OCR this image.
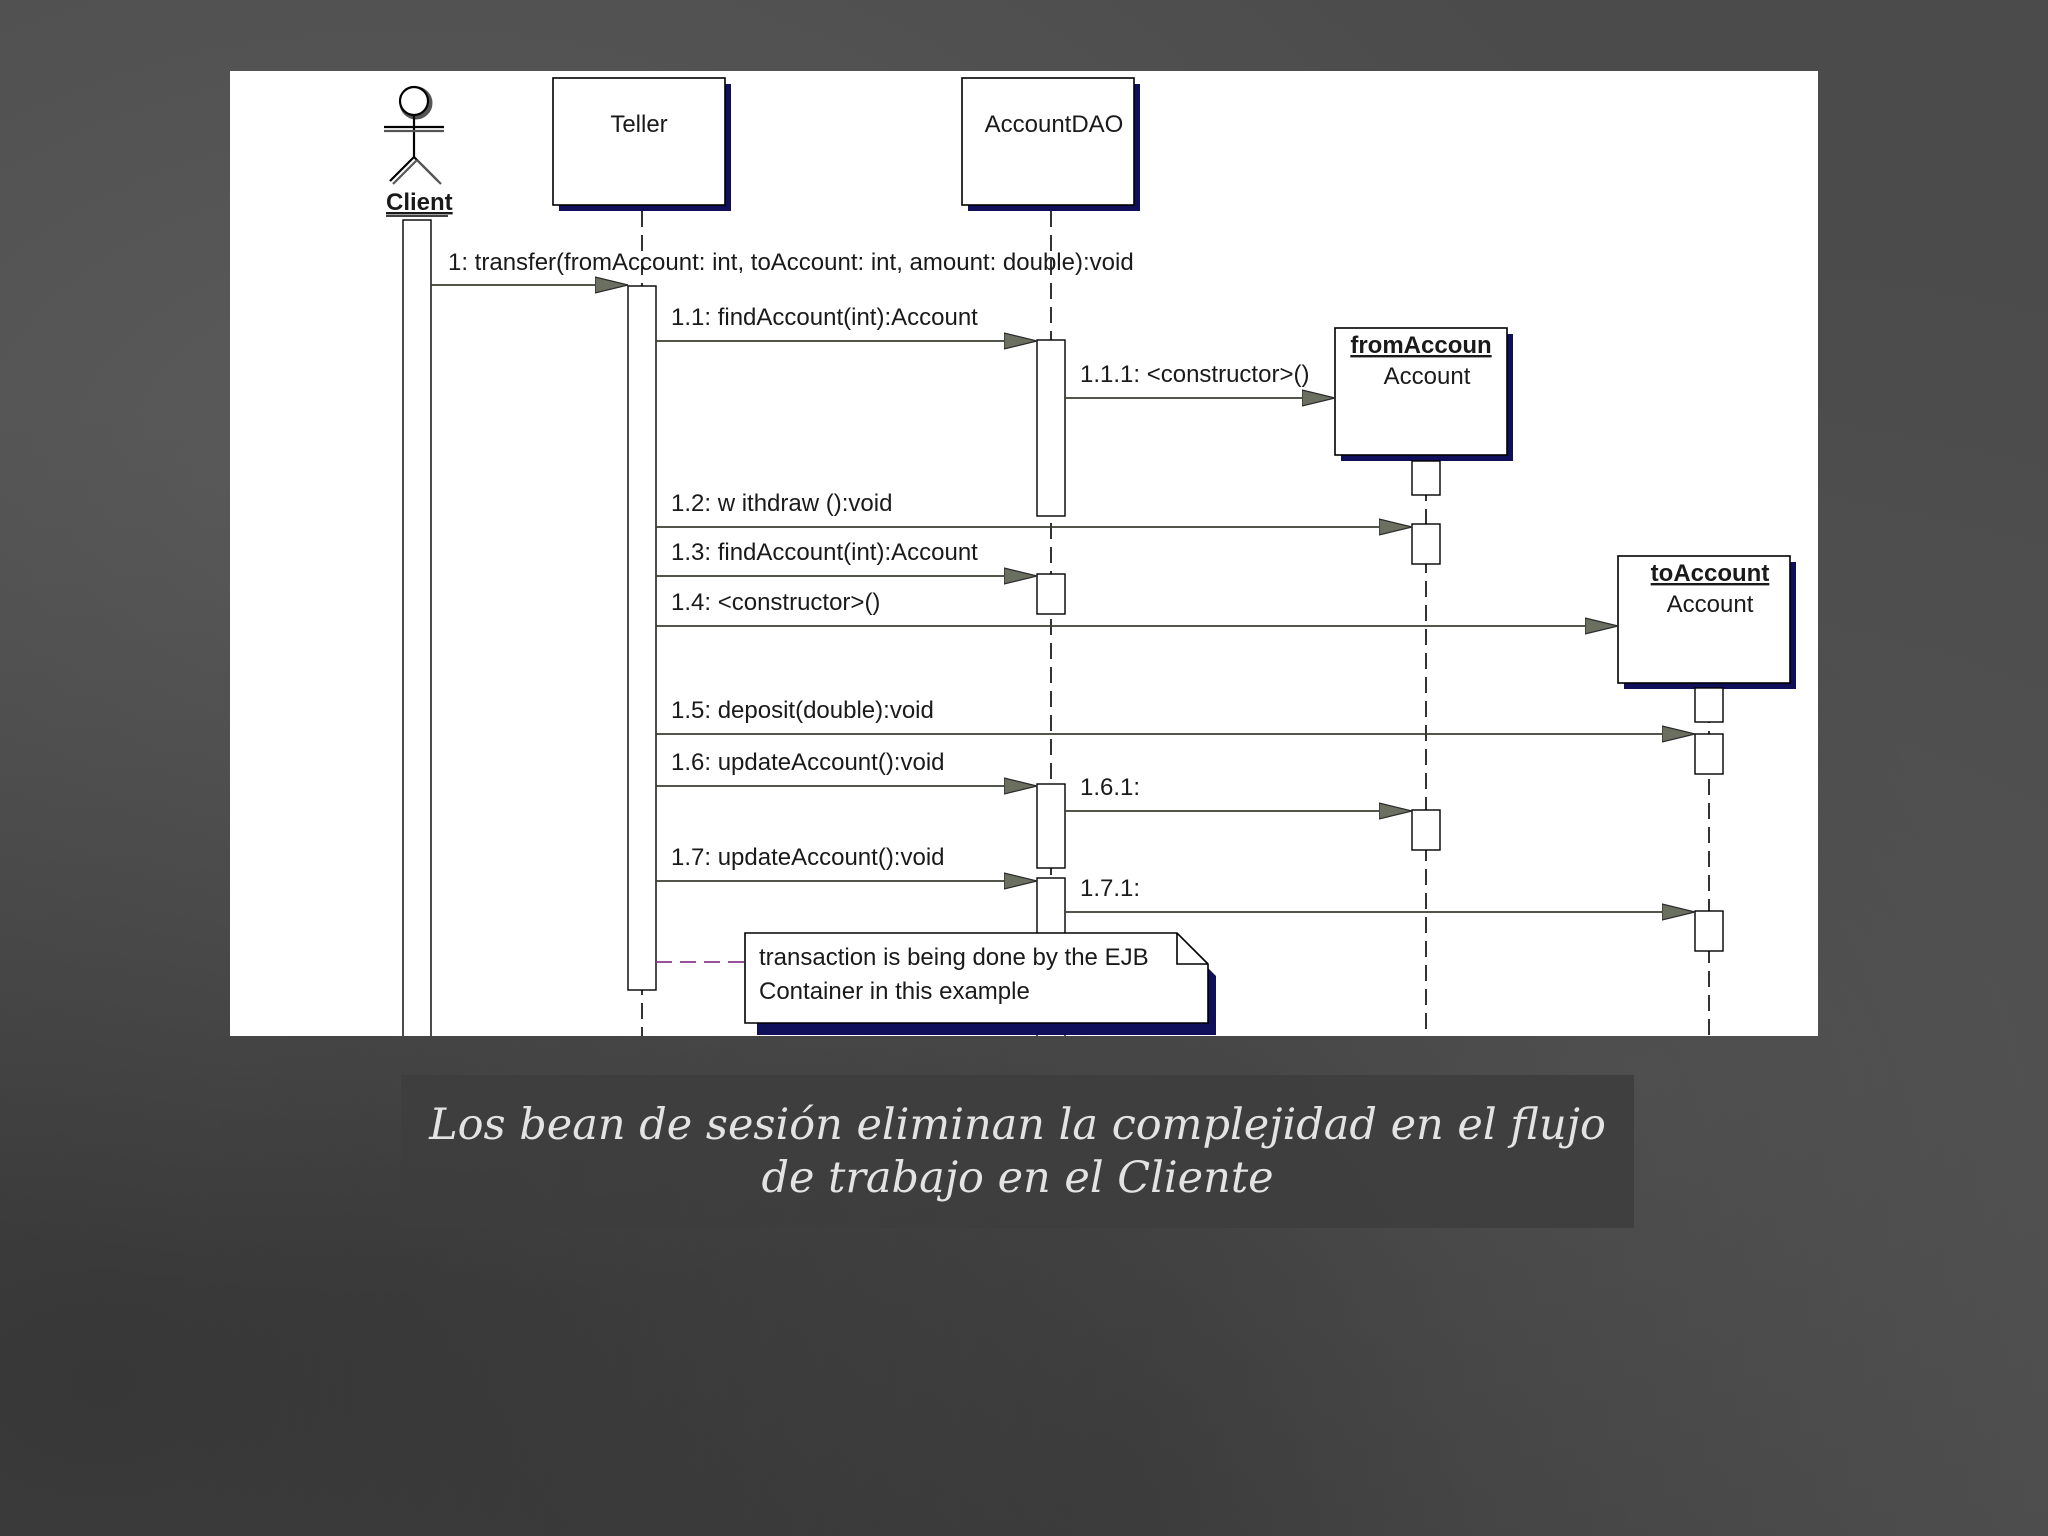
Client
Teller	AccountDAO
fromAccoun
Account
toAccount
Account
1: transfer(fromAccount: int, toAccount: int, amount: double):void
1.1: findAccount(int):Account
1.1.1: <constructor>()
1.2: w ithdraw ():void
1.3: findAccount(int):Account
1.4: <constructor>()
1.5: deposit(double):void
1.6: updateAccount():void
1.6.1:
1.7: updateAccount():void
1.7.1:
transaction is being done by the EJB
Container in this example
Los bean de sesión eliminan la complejidad en el flujo de trabajo en el Cliente
